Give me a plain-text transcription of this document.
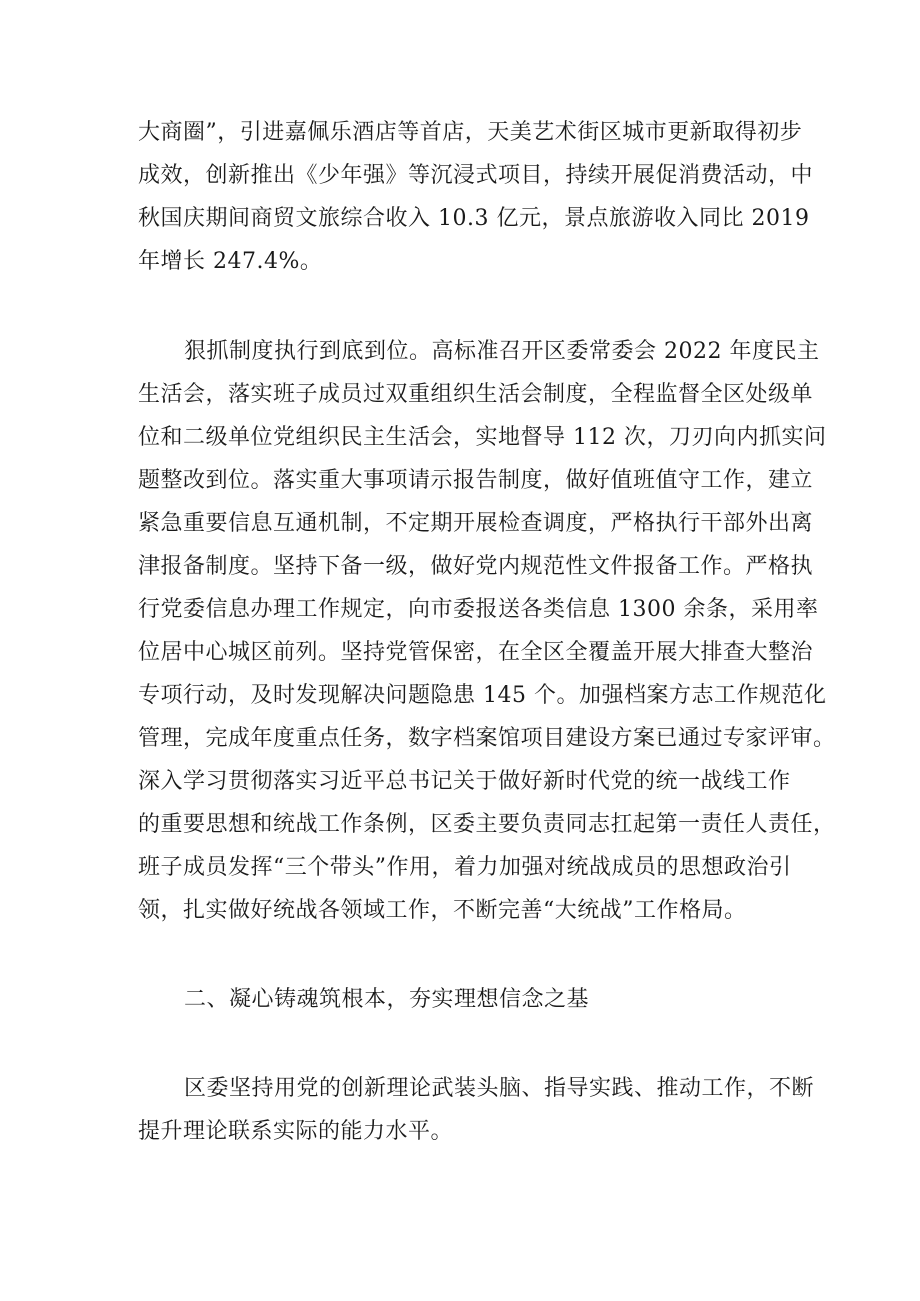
大商圈”，引进嘉佩乐酒店等首店，天美艺术街区城市更新取得初步
成效，创新推出《少年强》等沉浸式项目，持续开展促消费活动，中
秋国庆期间商贸文旅综合收入 10.3 亿元，景点旅游收入同比 2019
年增长 247.4%。
狠抓制度执行到底到位。高标准召开区委常委会 2022 年度民主
生活会，落实班子成员过双重组织生活会制度，全程监督全区处级单
位和二级单位党组织民主生活会，实地督导 112 次，刀刃向内抓实问
题整改到位。落实重大事项请示报告制度，做好值班值守工作，建立
紧急重要信息互通机制，不定期开展检查调度，严格执行干部外出离
津报备制度。坚持下备一级，做好党内规范性文件报备工作。严格执
行党委信息办理工作规定，向市委报送各类信息 1300 余条，采用率
位居中心城区前列。坚持党管保密，在全区全覆盖开展大排查大整治
专项行动，及时发现解决问题隐患 145 个。加强档案方志工作规范化
管理，完成年度重点任务，数字档案馆项目建设方案已通过专家评审。
深入学习贯彻落实习近平总书记关于做好新时代党的统一战线工作
的重要思想和统战工作条例，区委主要负责同志扛起第一责任人责任，
班子成员发挥“三个带头”作用，着力加强对统战成员的思想政治引
领，扎实做好统战各领域工作，不断完善“大统战”工作格局。
二、凝心铸魂筑根本，夯实理想信念之基
区委坚持用党的创新理论武装头脑、指导实践、推动工作，不断
提升理论联系实际的能力水平。
